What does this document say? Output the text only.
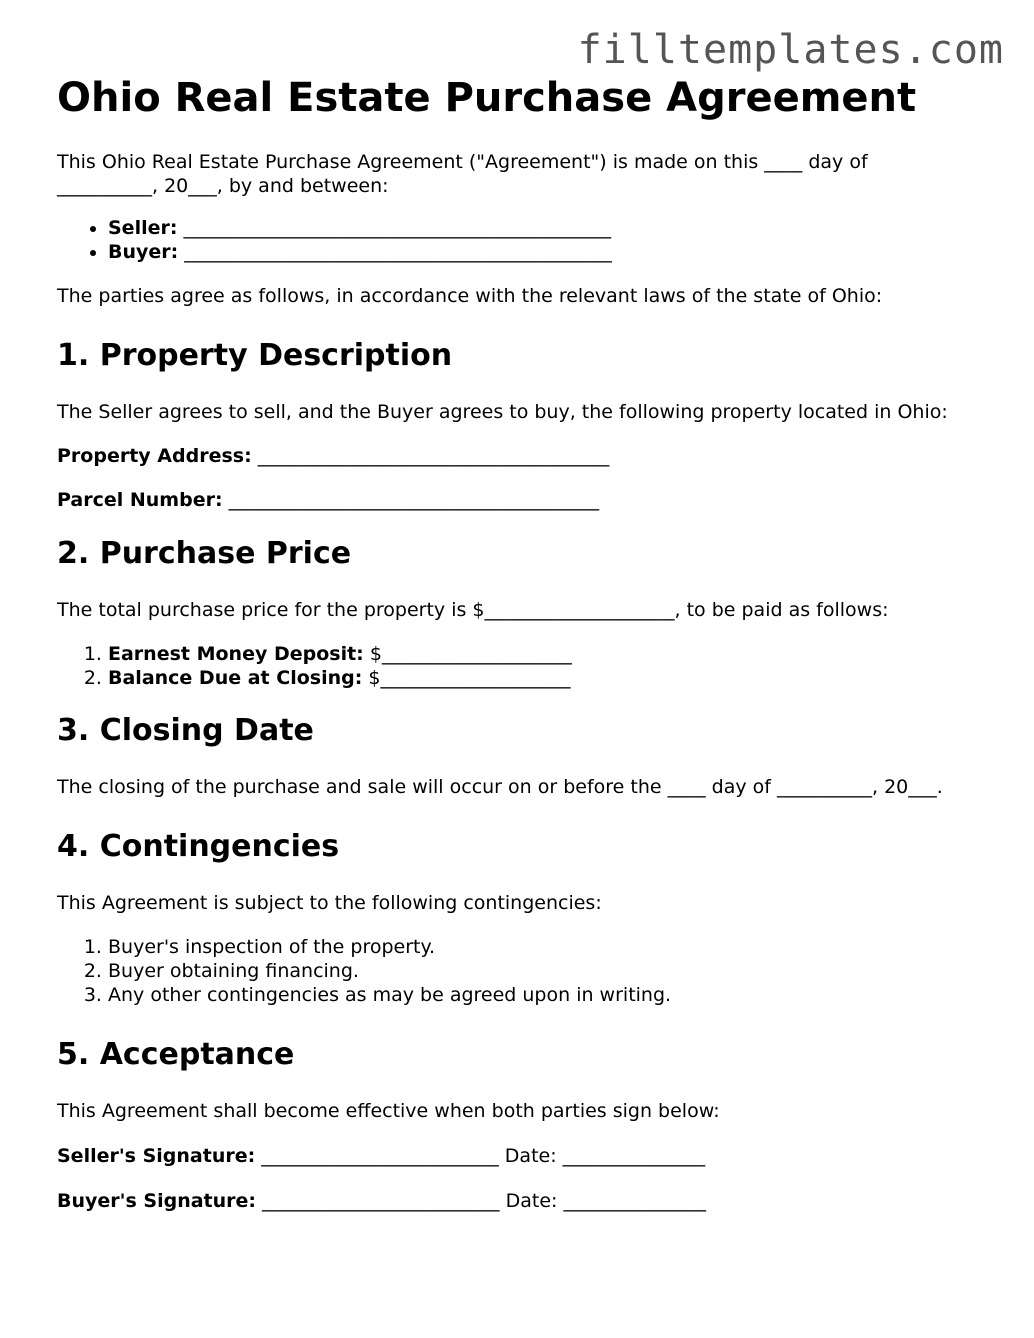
filltemplates.com
Ohio Real Estate Purchase Agreement

This Ohio Real Estate Purchase Agreement ("Agreement") is made on this ____ day of __________, 20___, by and between:

• Seller: _____________________________________________
• Buyer: _____________________________________________

The parties agree as follows, in accordance with the relevant laws of the state of Ohio:

1. Property Description

The Seller agrees to sell, and the Buyer agrees to buy, the following property located in Ohio:

Property Address: _____________________________________

Parcel Number: _______________________________________

2. Purchase Price

The total purchase price for the property is $____________________, to be paid as follows:

1. Earnest Money Deposit: $____________________
2. Balance Due at Closing: $____________________
3. Closing Date

The closing of the purchase and sale will occur on or before the ____ day of __________, 20___.

4. Contingencies

This Agreement is subject to the following contingencies:

1. Buyer's inspection of the property.
2. Buyer obtaining financing.
3. Any other contingencies as may be agreed upon in writing.
5. Acceptance

This Agreement shall become effective when both parties sign below:

Seller's Signature: _________________________ Date: _______________

Buyer's Signature: _________________________ Date: _______________
